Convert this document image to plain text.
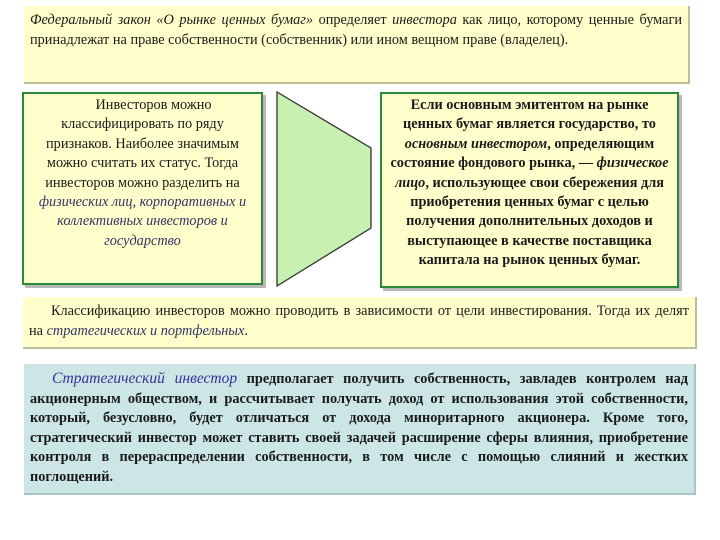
Федеральный закон «О рынке ценных бумаг» определяет инвестора как лицо, которому ценные бумаги принадлежат на праве собственности (собственник) или ином вещном праве (владелец).
Инвесторов можно классифицировать по ряду признаков. Наиболее значимым можно считать их статус. Тогда инвесторов можно разделить на физических лиц, корпоративных и коллективных инвесторов и государство
Если основным эмитентом на рынке ценных бумаг является государство, то основным инвестором, определяющим состояние фондового рынка, — физическое лицо, использующее свои сбережения для приобретения ценных бумаг с целью получения дополнительных доходов и выступающее в качестве поставщика капитала на рынок ценных бумаг.
Классификацию инвесторов можно проводить в зависимости от цели инвестирования. Тогда их делят на стратегических и портфельных.
Стратегический инвестор предполагает получить собственность, завладев контролем над акционерным обществом, и рассчитывает получать доход от использования этой собственности, который, безусловно, будет отличаться от дохода миноритарного акционера. Кроме того, стратегический инвестор может ставить своей задачей расширение сферы влияния, приобретение контроля в перераспределении собственности, в том числе с помощью слияний и жестких поглощений.
